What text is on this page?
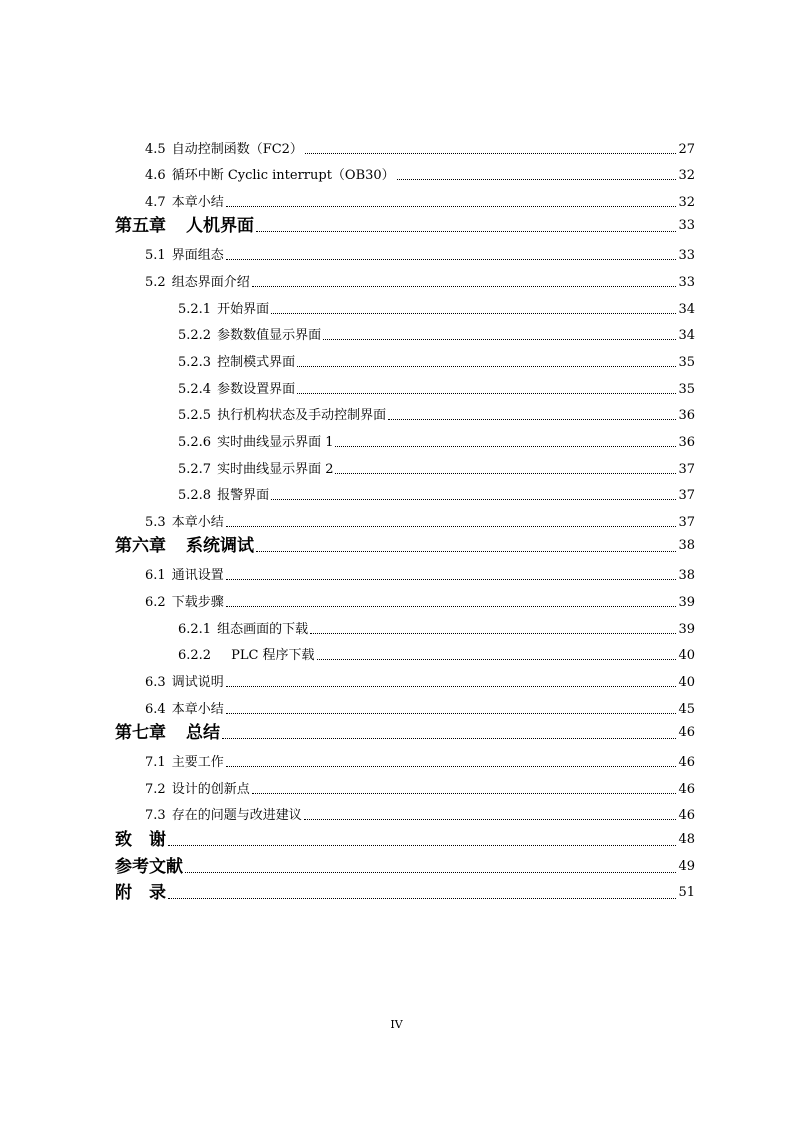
4.5 自动控制函数（FC2）	27
4.6 循环中断 Cyclic interrupt（OB30）	32
4.7 本章小结	32
第五章 人机界面	33
5.1 界面组态	33
5.2 组态界面介绍	33
5.2.1 开始界面	34
5.2.2 参数数值显示界面	34
5.2.3 控制模式界面	35
5.2.4 参数设置界面	35
5.2.5 执行机构状态及手动控制界面	36
5.2.6 实时曲线显示界面 1	36
5.2.7 实时曲线显示界面 2	37
5.2.8 报警界面	37
5.3 本章小结	37
第六章 系统调试	38
6.1 通讯设置	38
6.2 下载步骤	39
6.2.1 组态画面的下载	39
6.2.2 PLC 程序下载	40
6.3 调试说明	40
6.4 本章小结	45
第七章 总结	46
7.1 主要工作	46
7.2 设计的创新点	46
7.3 存在的问题与改进建议	46
致　谢	48
参考文献	49
附　录	51
IV
